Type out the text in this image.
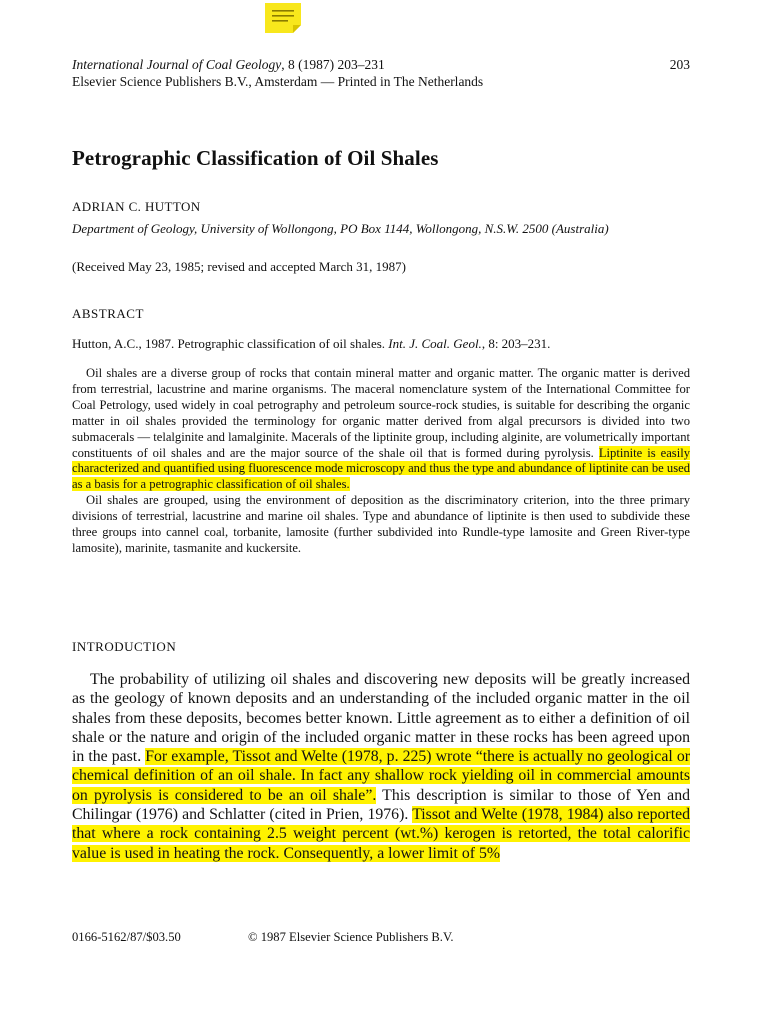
International Journal of Coal Geology, 8 (1987) 203–231
Elsevier Science Publishers B.V., Amsterdam — Printed in The Netherlands
203
Petrographic Classification of Oil Shales
ADRIAN C. HUTTON
Department of Geology, University of Wollongong, PO Box 1144, Wollongong, N.S.W. 2500 (Australia)
(Received May 23, 1985; revised and accepted March 31, 1987)
ABSTRACT
Hutton, A.C., 1987. Petrographic classification of oil shales. Int. J. Coal. Geol., 8: 203–231.

Oil shales are a diverse group of rocks that contain mineral matter and organic matter. The organic matter is derived from terrestrial, lacustrine and marine organisms. The maceral nomenclature system of the International Committee for Coal Petrology, used widely in coal petrography and petroleum source-rock studies, is suitable for describing the organic matter in oil shales provided the terminology for organic matter derived from algal precursors is divided into two submacerals — telalginite and lamalginite. Macerals of the liptinite group, including alginite, are volumetrically important constituents of oil shales and are the major source of the shale oil that is formed during pyrolysis. Liptinite is easily characterized and quantified using fluorescence mode microscopy and thus the type and abundance of liptinite can be used as a basis for a petrographic classification of oil shales.

Oil shales are grouped, using the environment of deposition as the discriminatory criterion, into the three primary divisions of terrestrial, lacustrine and marine oil shales. Type and abundance of liptinite is then used to subdivide these three groups into cannel coal, torbanite, lamosite (further subdivided into Rundle-type lamosite and Green River-type lamosite), marinite, tasmanite and kuckersite.

INTRODUCTION

The probability of utilizing oil shales and discovering new deposits will be greatly increased as the geology of known deposits and an understanding of the included organic matter in the oil shales from these deposits, becomes better known. Little agreement as to either a definition of oil shale or the nature and origin of the included organic matter in these rocks has been agreed upon in the past. For example, Tissot and Welte (1978, p. 225) wrote “there is actually no geological or chemical definition of an oil shale. In fact any shallow rock yielding oil in commercial amounts on pyrolysis is considered to be an oil shale”. This description is similar to those of Yen and Chilingar (1976) and Schlatter (cited in Prien, 1976). Tissot and Welte (1978, 1984) also reported that where a rock containing 2.5 weight percent (wt.%) kerogen is retorted, the total calorific value is used in heating the rock. Consequently, a lower limit of 5%

0166-5162/87/$03.50	© 1987 Elsevier Science Publishers B.V.
